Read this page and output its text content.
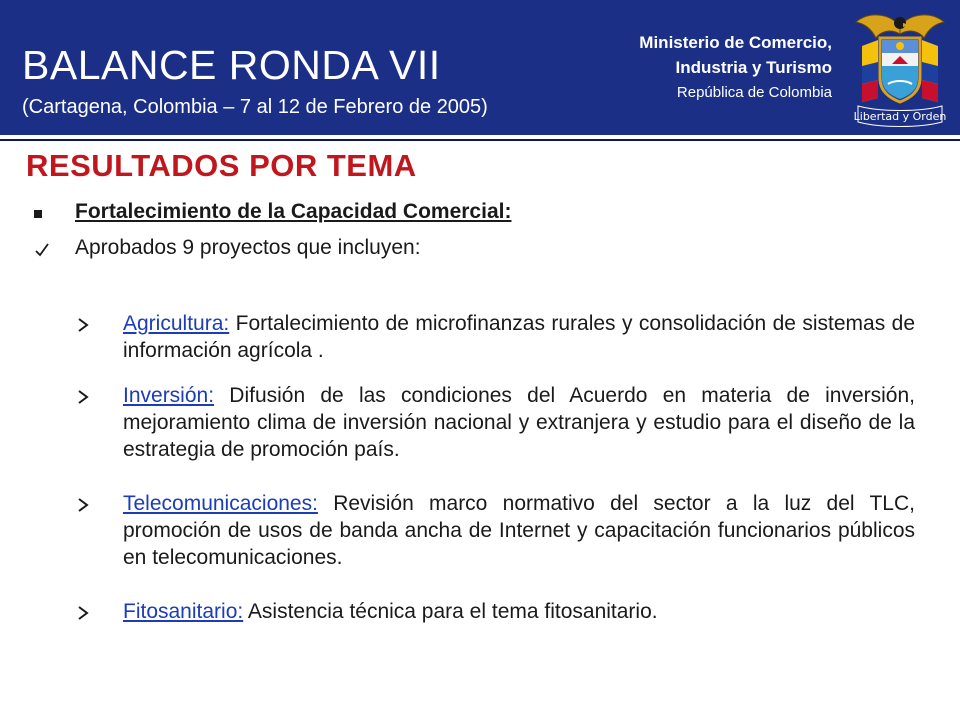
BALANCE RONDA VII

(Cartagena, Colombia – 7 al 12 de Febrero de 2005)

Ministerio de Comercio,
Industria y Turismo
República de Colombia
Libertad y Orden
RESULTADOS POR TEMA
Fortalecimiento de la Capacidad Comercial:
Aprobados 9 proyectos que incluyen:

Agricultura: Fortalecimiento de microfinanzas rurales y consolidación de sistemas de información agrícola .

Inversión: Difusión de las condiciones del Acuerdo en materia de inversión, mejoramiento clima de inversión nacional y extranjera y estudio para el diseño de la estrategia de promoción país.

Telecomunicaciones: Revisión marco normativo del sector a la luz del TLC, promoción de usos de banda ancha de Internet y capacitación funcionarios públicos en telecomunicaciones.

Fitosanitario: Asistencia técnica para el tema fitosanitario.
